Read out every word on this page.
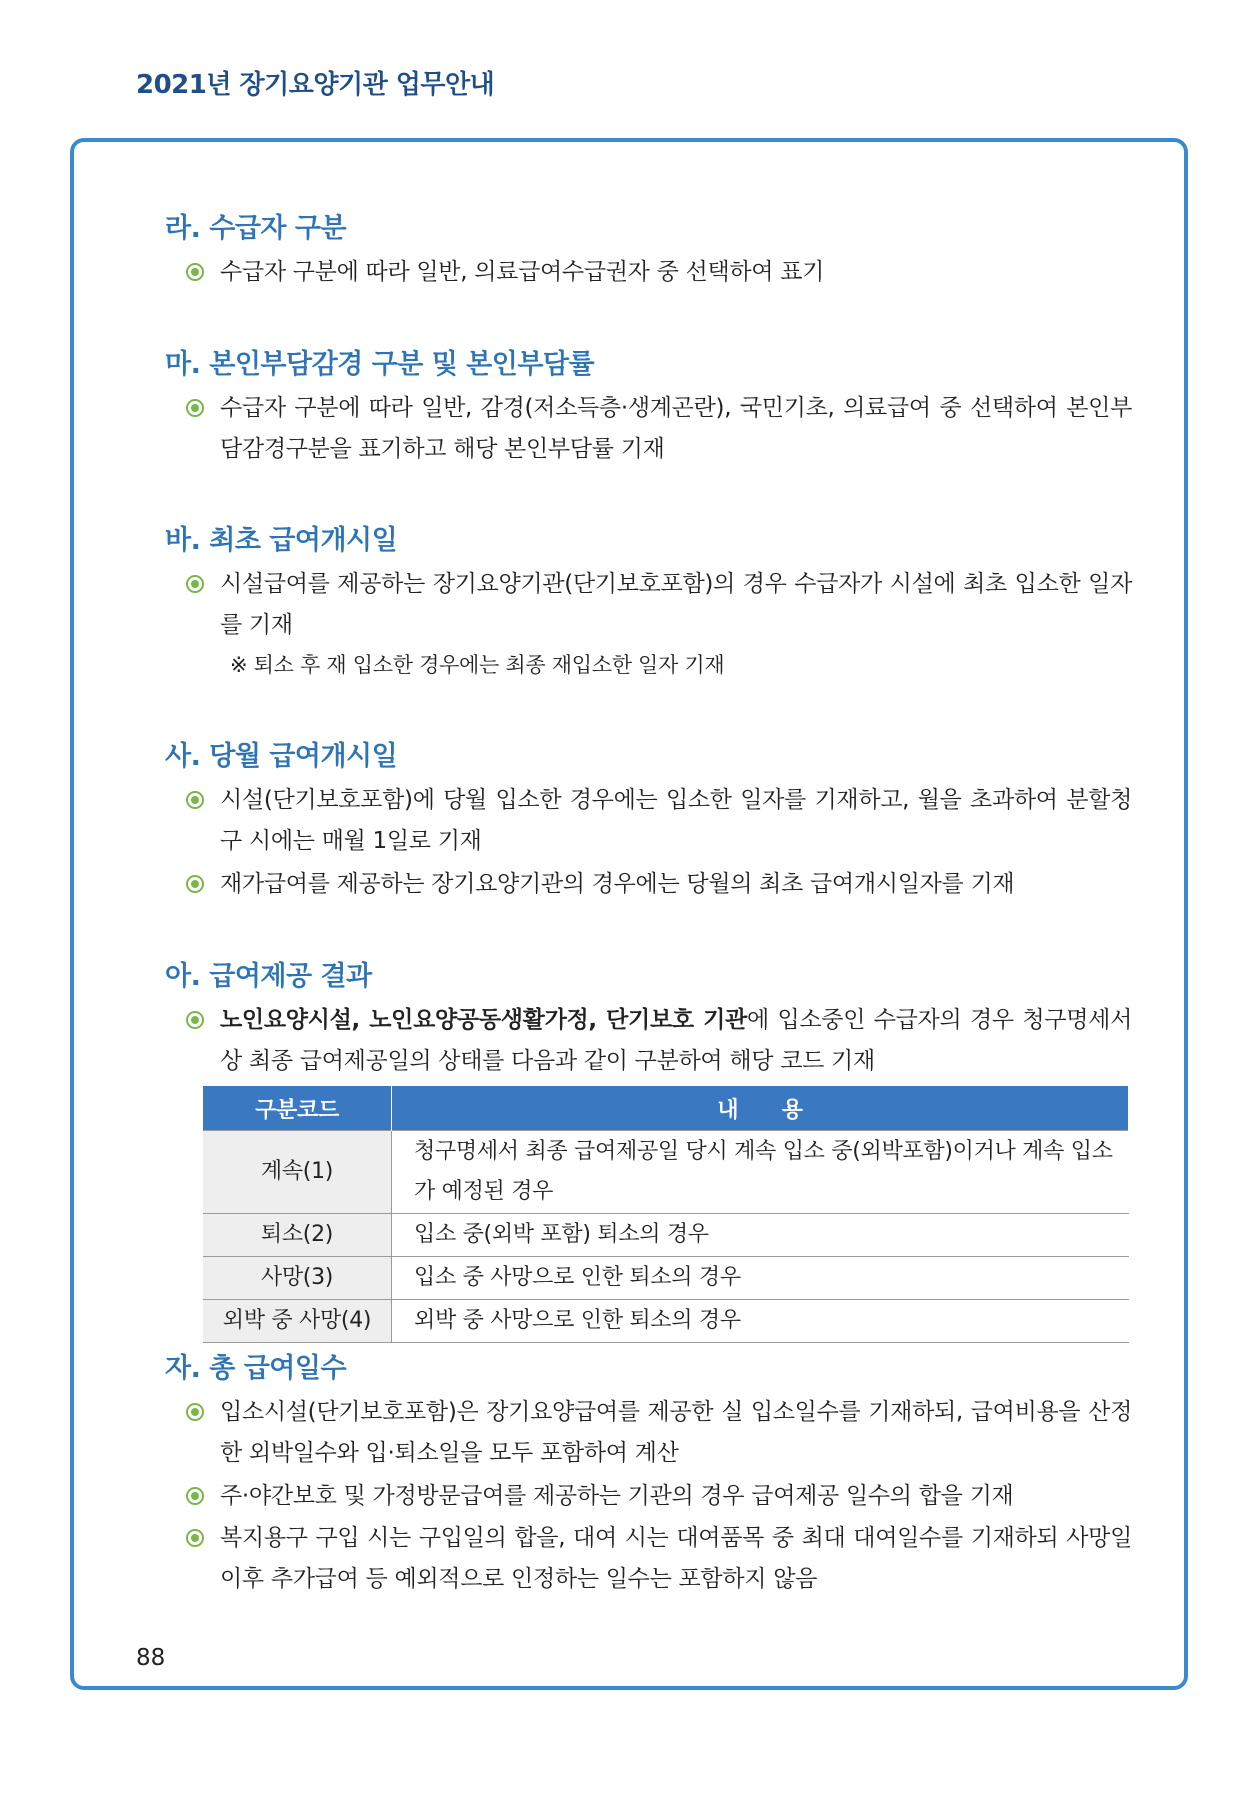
2021년 장기요양기관 업무안내
라. 수급자 구분
수급자 구분에 따라 일반, 의료급여수급권자 중 선택하여 표기
마. 본인부담감경 구분 및 본인부담률
수급자 구분에 따라 일반, 감경(저소득층·생계곤란), 국민기초, 의료급여 중 선택하여 본인부담감경구분을 표기하고 해당 본인부담률 기재
바. 최초 급여개시일
시설급여를 제공하는 장기요양기관(단기보호포함)의 경우 수급자가 시설에 최초 입소한 일자를 기재
※ 퇴소 후 재 입소한 경우에는 최종 재입소한 일자 기재
사. 당월 급여개시일
시설(단기보호포함)에 당월 입소한 경우에는 입소한 일자를 기재하고, 월을 초과하여 분할청구 시에는 매월 1일로 기재
재가급여를 제공하는 장기요양기관의 경우에는 당월의 최초 급여개시일자를 기재
아. 급여제공 결과
노인요양시설, 노인요양공동생활가정, 단기보호 기관에 입소중인 수급자의 경우 청구명세서 상 최종 급여제공일의 상태를 다음과 같이 구분하여 해당 코드 기재
구분코드	내　　용
계속(1)	청구명세서 최종 급여제공일 당시 계속 입소 중(외박포함)이거나 계속 입소가 예정된 경우
퇴소(2)	입소 중(외박 포함) 퇴소의 경우
사망(3)	입소 중 사망으로 인한 퇴소의 경우
외박 중 사망(4)	외박 중 사망으로 인한 퇴소의 경우
자. 총 급여일수
입소시설(단기보호포함)은 장기요양급여를 제공한 실 입소일수를 기재하되, 급여비용을 산정한 외박일수와 입·퇴소일을 모두 포함하여 계산
주·야간보호 및 가정방문급여를 제공하는 기관의 경우 급여제공 일수의 합을 기재
복지용구 구입 시는 구입일의 합을, 대여 시는 대여품목 중 최대 대여일수를 기재하되 사망일 이후 추가급여 등 예외적으로 인정하는 일수는 포함하지 않음
88
